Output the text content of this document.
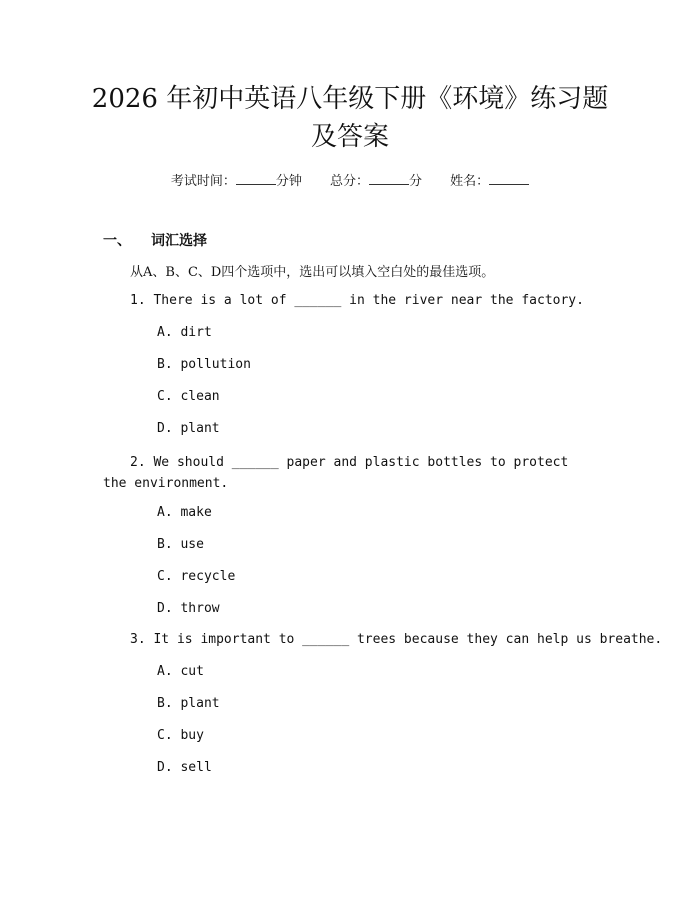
2026 年初中英语八年级下册《环境》练习题
及答案
考试时间：	分钟 总分：	分 姓名：
一、 词汇选择
从A、B、C、D四个选项中，选出可以填入空白处的最佳选项。
1. There is a lot of ______ in the river near the factory.
A. dirt
B. pollution
C. clean
D. plant
2. We should ______ paper and plastic bottles to protect the environment.
A. make
B. use
C. recycle
D. throw
3. It is important to ______ trees because they can help us breathe.
A. cut
B. plant
C. buy
D. sell
